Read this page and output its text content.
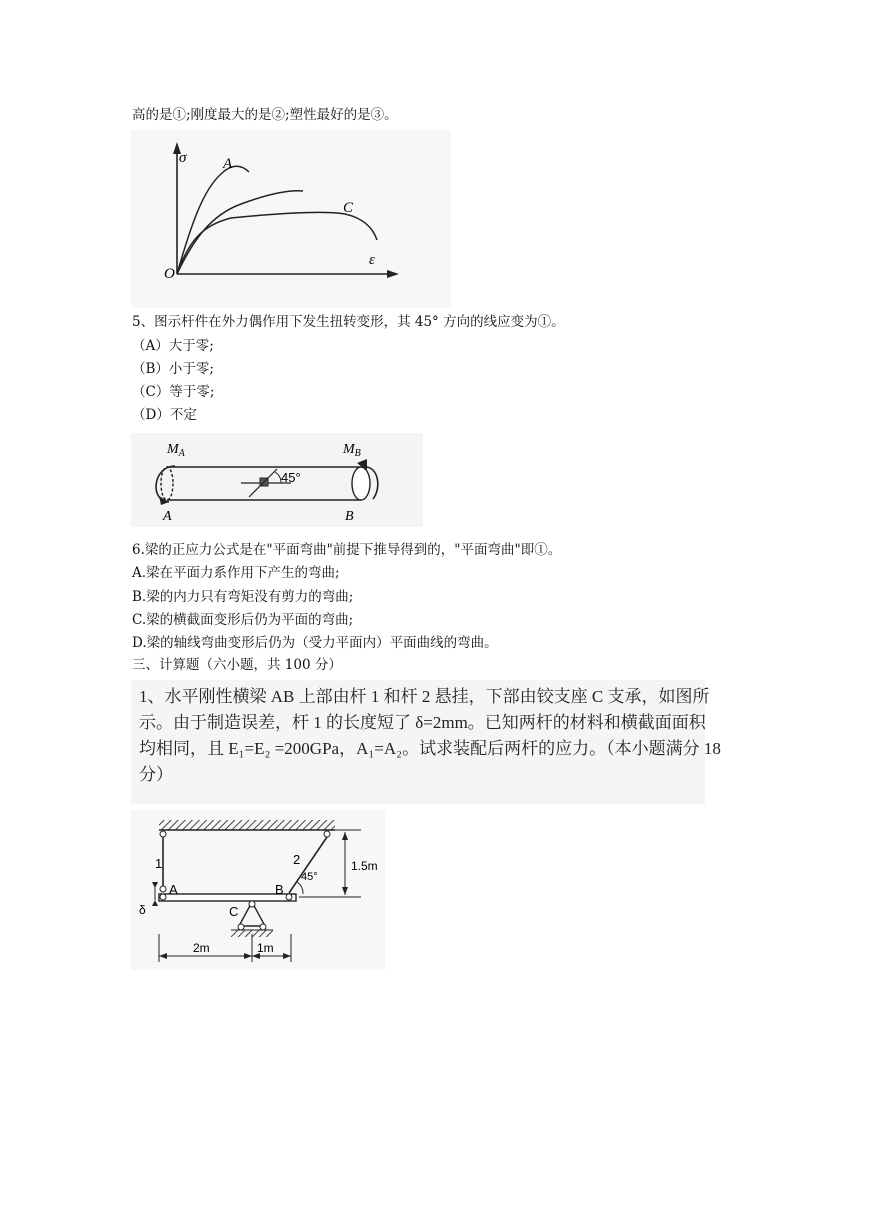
高的是①;刚度最大的是②;塑性最好的是③。
σ
ε
O
A
C
5、图示杆件在外力偶作用下发生扭转变形，其 45° 方向的线应变为①。
（A）大于零;
（B）小于零;
（C）等于零;
（D）不定
$M_A$	$M_B$
45°
A	B
6.梁的正应力公式是在"平面弯曲"前提下推导得到的，"平面弯曲"即①。
A.梁在平面力系作用下产生的弯曲;
B.梁的内力只有弯矩没有剪力的弯曲;
C.梁的横截面变形后仍为平面的弯曲;
D.梁的轴线弯曲变形后仍为（受力平面内）平面曲线的弯曲。
三、计算题（六小题，共 100 分）
1、水平刚性横梁 AB 上部由杆 1 和杆 2 悬挂，下部由铰支座 C 支承，如图所
示。由于制造误差，杆 1 的长度短了 δ=2mm。已知两杆的材料和横截面面积
均相同，且 E₁=E₂ =200GPa，A₁=A₂。试求装配后两杆的应力。（本小题满分 18
分）
1	2
A	B
C
45°
1.5m
δ
2m	1m
